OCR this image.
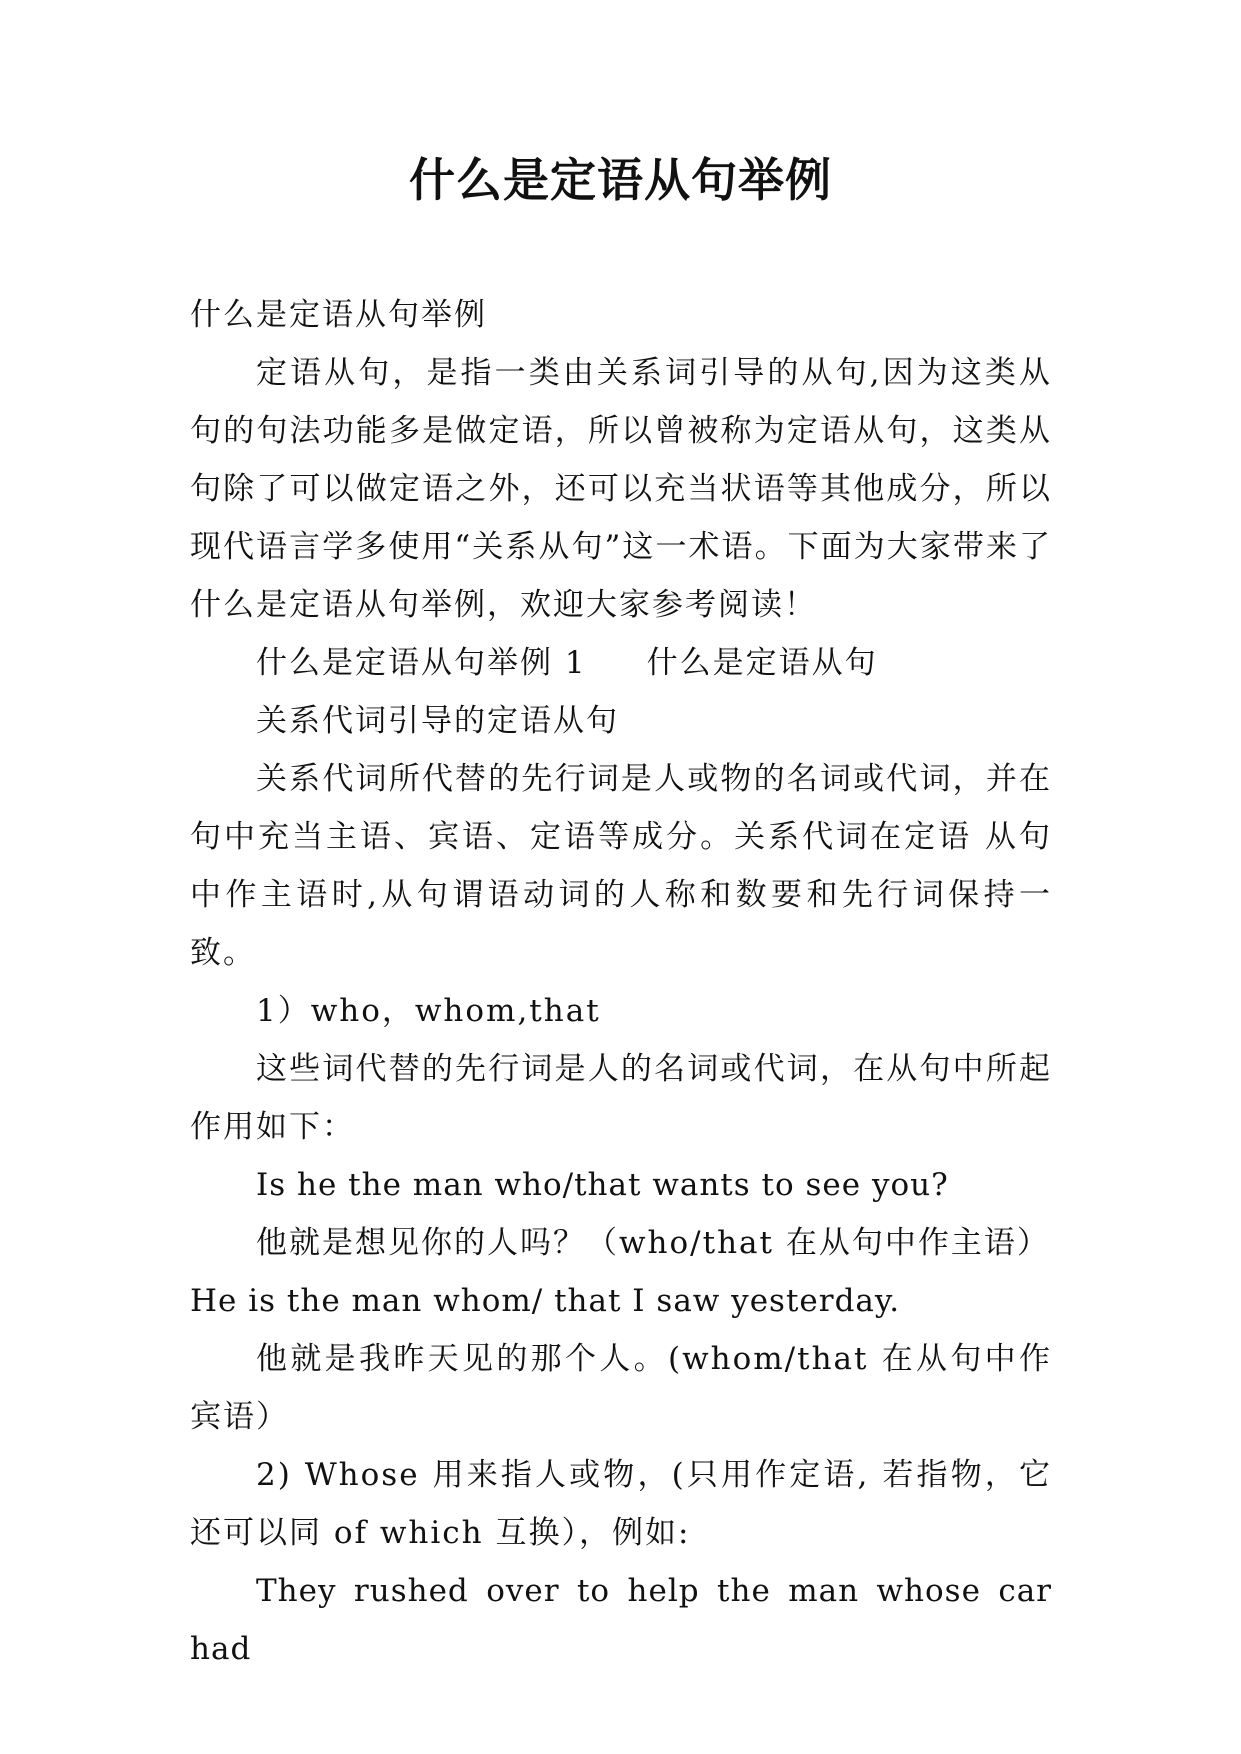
什么是定语从句举例

什么是定语从句举例

定语从句，是指一类由关系词引导的从句,因为这类从句的句法功能多是做定语，所以曾被称为定语从句，这类从句除了可以做定语之外，还可以充当状语等其他成分，所以现代语言学多使用“关系从句”这一术语。下面为大家带来了什么是定语从句举例，欢迎大家参考阅读！

什么是定语从句举例 1 什么是定语从句

关系代词引导的定语从句

关系代词所代替的先行词是人或物的名词或代词，并在句中充当主语、宾语、定语等成分。关系代词在定语 从句中作主语时,从句谓语动词的人称和数要和先行词保持一致。

1）who，whom,that

这些词代替的先行词是人的名词或代词，在从句中所起作用如下：

Is he the man who/that wants to see you?

他就是想见你的人吗？（who/that 在从句中作主语）

He is the man whom/ that I saw yesterday.

他就是我昨天见的那个人。(whom/that 在从句中作宾语）

2) Whose 用来指人或物，(只用作定语, 若指物，它还可以同 of which 互换），例如:

They rushed over to help the man whose car had
